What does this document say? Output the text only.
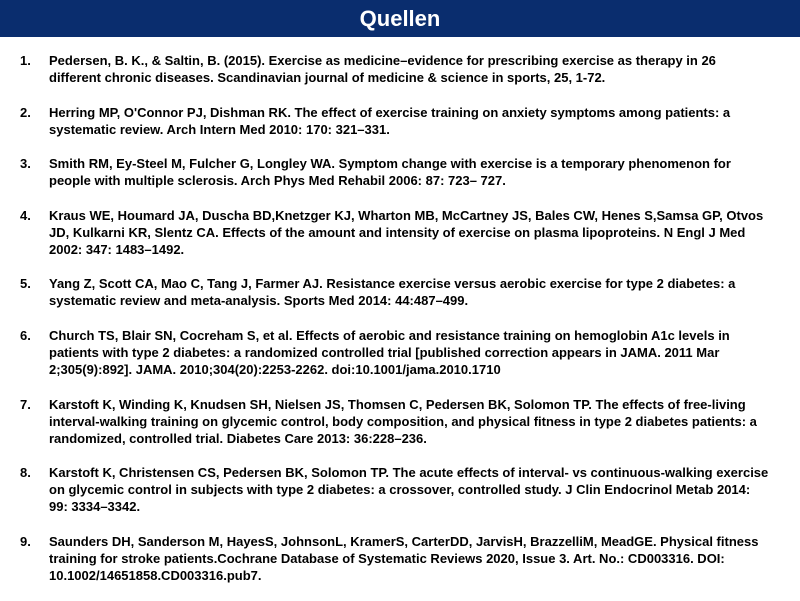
Quellen
1.	Pedersen, B. K., & Saltin, B. (2015). Exercise as medicine–evidence for prescribing exercise as therapy in 26 different chronic diseases. Scandinavian journal of medicine & science in sports, 25, 1-72.
2.	Herring MP, O'Connor PJ, Dishman RK. The effect of exercise training on anxiety symptoms among patients: a systematic review. Arch Intern Med 2010: 170: 321–331.
3.	Smith RM, Ey-Steel M, Fulcher G, Longley WA. Symptom change with exercise is a temporary phenomenon for people with multiple sclerosis. Arch Phys Med Rehabil 2006: 87: 723– 727.
4.	Kraus WE, Houmard JA, Duscha BD,Knetzger KJ, Wharton MB, McCartney JS, Bales CW, Henes S,Samsa GP, Otvos JD, Kulkarni KR, Slentz CA. Effects of the amount and intensity of exercise on plasma lipoproteins. N Engl J Med 2002: 347: 1483–1492.
5.	Yang Z, Scott CA, Mao C, Tang J, Farmer AJ. Resistance exercise versus aerobic exercise for type 2 diabetes: a systematic review and meta-analysis. Sports Med 2014: 44:487–499.
6.	Church TS, Blair SN, Cocreham S, et al. Effects of aerobic and resistance training on hemoglobin A1c levels in patients with type 2 diabetes: a randomized controlled trial [published correction appears in JAMA. 2011 Mar 2;305(9):892]. JAMA. 2010;304(20):2253-2262. doi:10.1001/jama.2010.1710
7.	Karstoft K, Winding K, Knudsen SH, Nielsen JS, Thomsen C, Pedersen BK, Solomon TP. The effects of free-living interval-walking training on glycemic control, body composition, and physical fitness in type 2 diabetes patients: a randomized, controlled trial. Diabetes Care 2013: 36:228–236.
8.	Karstoft K, Christensen CS, Pedersen BK, Solomon TP. The acute effects of interval- vs continuous-walking exercise on glycemic control in subjects with type 2 diabetes: a crossover, controlled study. J Clin Endocrinol Metab 2014: 99: 3334–3342.
9.	Saunders DH, Sanderson M, HayesS, JohnsonL, KramerS, CarterDD, JarvisH, BrazzelliM, MeadGE. Physical fitness training for stroke patients.Cochrane Database of Systematic Reviews 2020, Issue 3. Art. No.: CD003316. DOI: 10.1002/14651858.CD003316.pub7.
